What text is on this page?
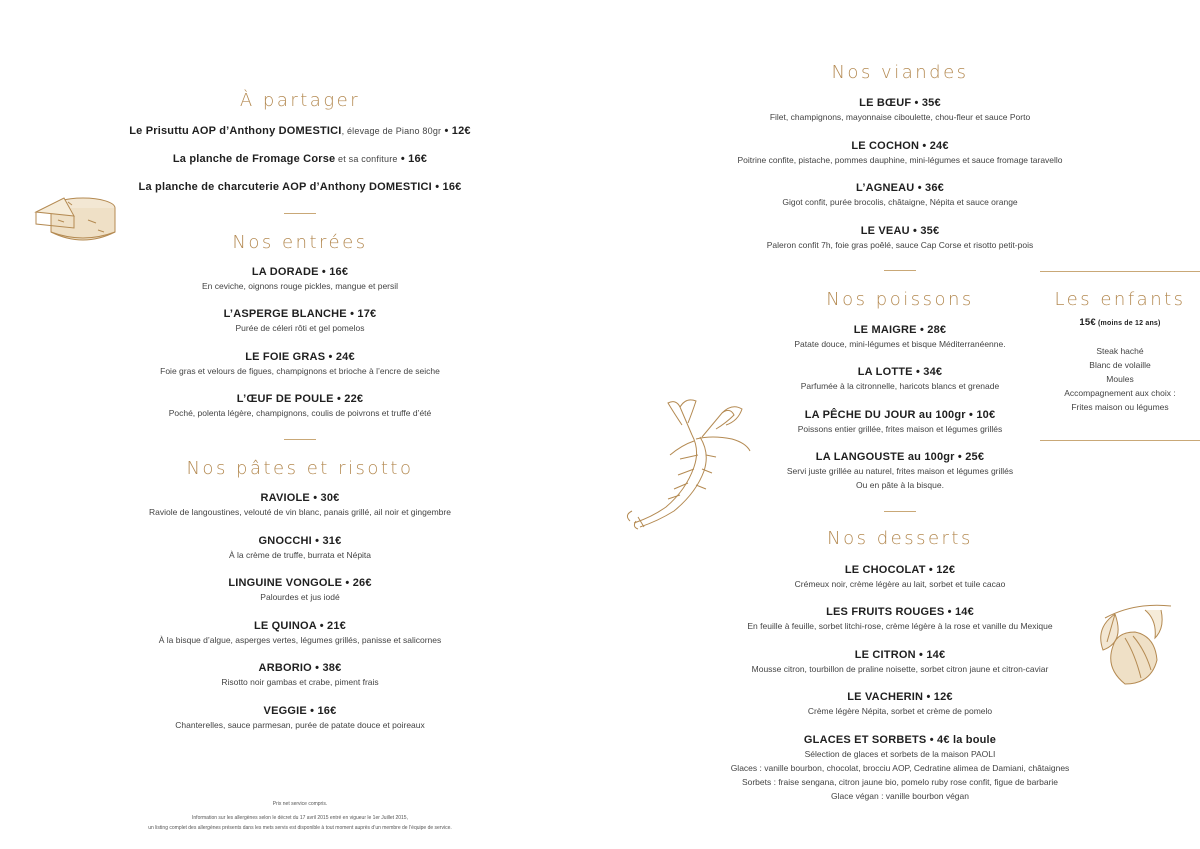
À partager
Le Prisuttu AOP d’Anthony DOMESTICI, élevage de Piano 80gr • 12€
La planche de Fromage Corse et sa confiture • 16€
La planche de charcuterie AOP d’Anthony DOMESTICI • 16€
Nos entrées
LA DORADE • 16€
En ceviche, oignons rouge pickles, mangue et persil
L’ASPERGE BLANCHE • 17€
Purée de céleri rôti et gel pomelos
LE FOIE GRAS • 24€
Foie gras et velours de figues, champignons et brioche à l’encre de seiche
L’ŒUF DE POULE • 22€
Poché, polenta légère, champignons, coulis de poivrons et truffe d’été
Nos pâtes et risotto
RAVIOLE • 30€
Raviole de langoustines, velouté de vin blanc, panais grillé, ail noir et gingembre
GNOCCHI • 31€
À la crème de truffe, burrata et Népita
LINGUINE VONGOLE • 26€
Palourdes et jus iodé
LE QUINOA • 21€
À la bisque d’algue, asperges vertes, légumes grillés, panisse et salicornes
ARBORIO • 38€
Risotto noir gambas et crabe, piment frais
VEGGIE • 16€
Chanterelles, sauce parmesan, purée de patate douce et poireaux
Prix net service compris.
Information sur les allergènes selon le décret du 17 avril 2015 entré en vigueur le 1er Juillet 2015,
un listing complet des allergènes présents dans les mets servis est disponible à tout moment auprès d’un membre de l’équipe de service.
Nos viandes
LE BŒUF • 35€
Filet, champignons, mayonnaise ciboulette, chou-fleur et sauce Porto
LE COCHON • 24€
Poitrine confite, pistache, pommes dauphine, mini-légumes et sauce fromage taravello
L’AGNEAU • 36€
Gigot confit, purée brocolis, châtaigne, Népita et sauce orange
LE VEAU • 35€
Paleron confit 7h, foie gras poêlé, sauce Cap Corse et risotto petit-pois
Nos poissons
LE MAIGRE • 28€
Patate douce, mini-légumes et bisque Méditerranéenne.
LA LOTTE • 34€
Parfumée à la citronnelle, haricots blancs et grenade
LA PÊCHE DU JOUR au 100gr • 10€
Poissons entier grillée, frites maison et légumes grillés
LA LANGOUSTE au 100gr • 25€
Servi juste grillée au naturel, frites maison et légumes grillés
Ou en pâte à la bisque.
Nos desserts
LE CHOCOLAT • 12€
Crémeux noir, crème légère au lait, sorbet et tuile cacao
LES FRUITS ROUGES • 14€
En feuille à feuille, sorbet litchi-rose, crème légère à la rose et vanille du Mexique
LE CITRON • 14€
Mousse citron, tourbillon de praline noisette, sorbet citron jaune et citron-caviar
LE VACHERIN • 12€
Crème légère Népita, sorbet et crème de pomelo
GLACES ET SORBETS • 4€ la boule
Sélection de glaces et sorbets de la maison PAOLI
Glaces : vanille bourbon, chocolat, brocciu AOP, Cedratine alimea de Damiani, châtaignes
Sorbets : fraise sengana, citron jaune bio, pomelo ruby rose confit, figue de barbarie
Glace végan : vanille bourbon végan
Les enfants
15€ (moins de 12 ans)
Steak haché
Blanc de volaille
Moules
Accompagnement aux choix :
Frites maison ou légumes
